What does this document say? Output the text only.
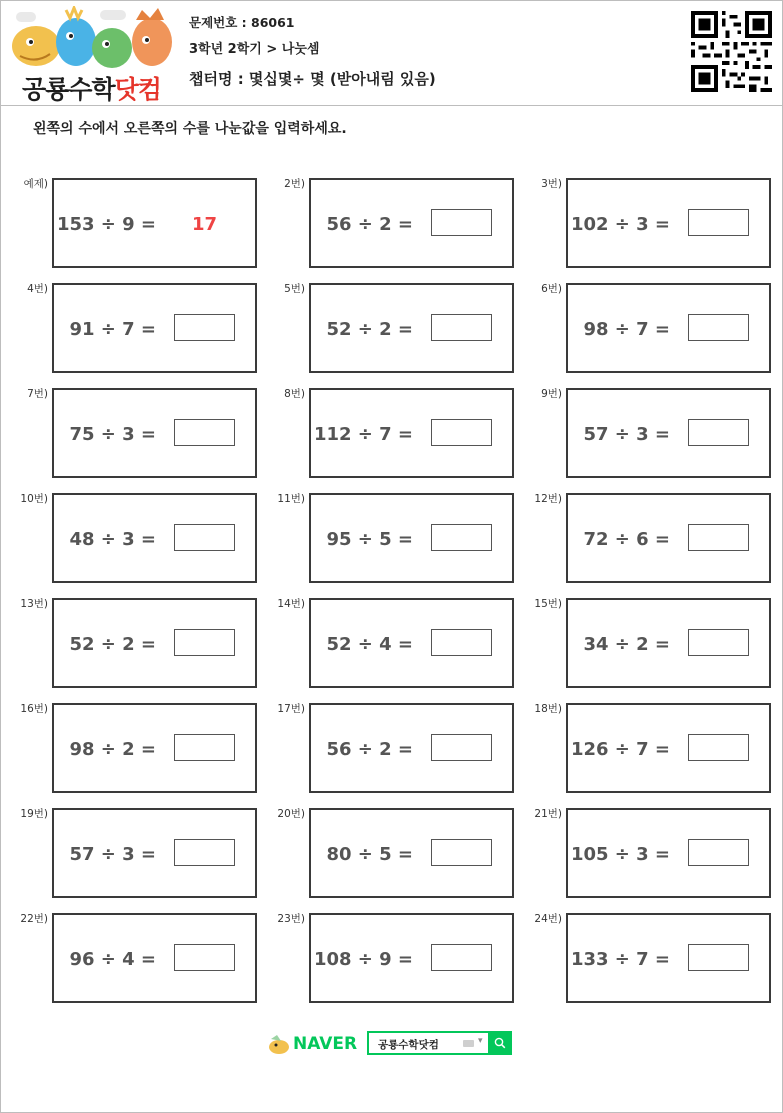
공룡수학닷컴
문제번호 : 86061
3학년 2학기 > 나눗셈
챕터명 : 몇십몇÷ 몇 (받아내림 있음)
왼쪽의 수에서 오른쪽의 수를 나눈값을 입력하세요.
예제)
153 ÷ 9 =	17
2번)
56 ÷ 2 =
3번)
102 ÷ 3 =
4번)
91 ÷ 7 =
5번)
52 ÷ 2 =
6번)
98 ÷ 7 =
7번)
75 ÷ 3 =
8번)
112 ÷ 7 =
9번)
57 ÷ 3 =
10번)
48 ÷ 3 =
11번)
95 ÷ 5 =
12번)
72 ÷ 6 =
13번)
52 ÷ 2 =
14번)
52 ÷ 4 =
15번)
34 ÷ 2 =
16번)
98 ÷ 2 =
17번)
56 ÷ 2 =
18번)
126 ÷ 7 =
19번)
57 ÷ 3 =
20번)
80 ÷ 5 =
21번)
105 ÷ 3 =
22번)
96 ÷ 4 =
23번)
108 ÷ 9 =
24번)
133 ÷ 7 =
NAVER 공룡수학닷컴	▾
